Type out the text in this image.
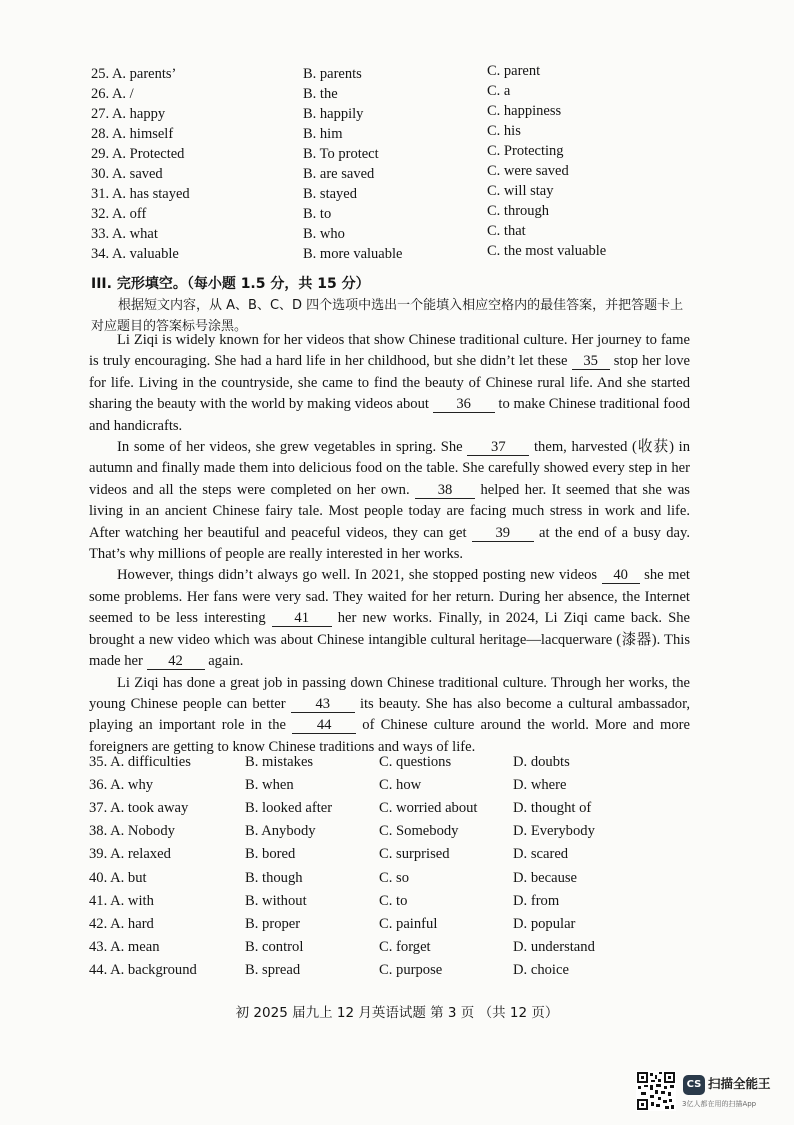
25. A. parents’	B. parents	C. parent
26. A. /	B. the	C. a
27. A. happy	B. happily	C. happiness
28. A. himself	B. him	C. his
29. A. Protected	B. To protect	C. Protecting
30. A. saved	B. are saved	C. were saved
31. A. has stayed	B. stayed	C. will stay
32. A. off	B. to	C. through
33. A. what	B. who	C. that
34. A. valuable	B. more valuable	C. the most valuable
III. 完形填空。（每小题 1.5 分，共 15 分）

根据短文内容，从 A、B、C、D 四个选项中选出一个能填入相应空格内的最佳答案，并把答题卡上对应题目的答案标号涂黑。

Li Ziqi is widely known for her videos that show Chinese traditional culture. Her journey to fame is truly encouraging. She had a hard life in her childhood, but she didn’t let these 35 stop her love for life. Living in the countryside, she came to find the beauty of Chinese rural life. And she started sharing the beauty with the world by making videos about 36 to make Chinese traditional food and handicrafts.

In some of her videos, she grew vegetables in spring. She 37 them, harvested (收获) in autumn and finally made them into delicious food on the table. She carefully showed every step in her videos and all the steps were completed on her own. 38 helped her. It seemed that she was living in an ancient Chinese fairy tale. Most people today are facing much stress in work and life. After watching her beautiful and peaceful videos, they can get 39 at the end of a busy day. That’s why millions of people are really interested in her works.

However, things didn’t always go well. In 2021, she stopped posting new videos 40 she met some problems. Her fans were very sad. They waited for her return. During her absence, the Internet seemed to be less interesting 41 her new works. Finally, in 2024, Li Ziqi came back. She brought a new video which was about Chinese intangible cultural heritage—lacquerware (漆器). This made her 42 again.

Li Ziqi has done a great job in passing down Chinese traditional culture. Through her works, the young Chinese people can better 43 its beauty. She has also become a cultural ambassador, playing an important role in the 44 of Chinese culture around the world. More and more foreigners are getting to know Chinese traditions and ways of life.

35. A. difficulties	B. mistakes	C. questions	D. doubts
36. A. why	B. when	C. how	D. where
37. A. took away	B. looked after	C. worried about	D. thought of
38. A. Nobody	B. Anybody	C. Somebody	D. Everybody
39. A. relaxed	B. bored	C. surprised	D. scared
40. A. but	B. though	C. so	D. because
41. A. with	B. without	C. to	D. from
42. A. hard	B. proper	C. painful	D. popular
43. A. mean	B. control	C. forget	D. understand
44. A. background	B. spread	C. purpose	D. choice
初 2025 届九上 12 月英语试题 第 3 页 （共 12 页）
CS 扫描全能王
3亿人都在用的扫描App
